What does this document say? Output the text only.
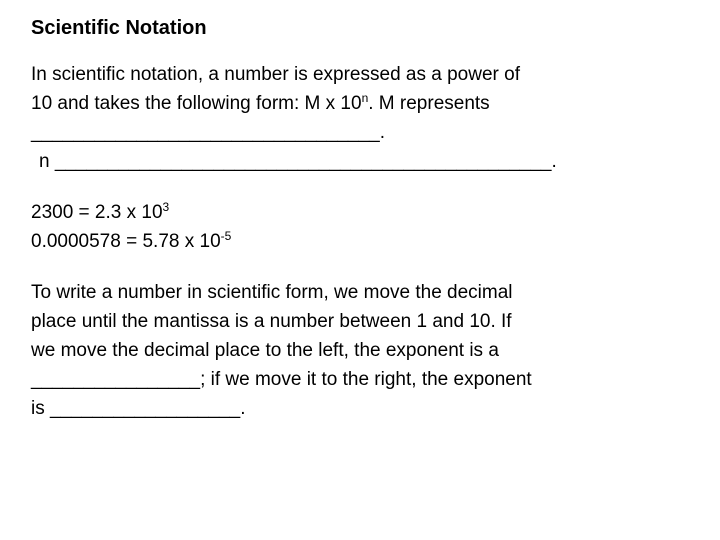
Scientific Notation

In scientific notation, a number is expressed as a power of

10 and takes the following form: M x 10$^n$. M represents

_________________________________.

n _______________________________________________.

2300 = 2.3 x $10^3$

0.0000578 = 5.78 x $10^{-5}$

To write a number in scientific form, we move the decimal

place until the mantissa is a number between 1 and 10. If

we move the decimal place to the left, the exponent is a

________________; if we move it to the right, the exponent

is __________________.
